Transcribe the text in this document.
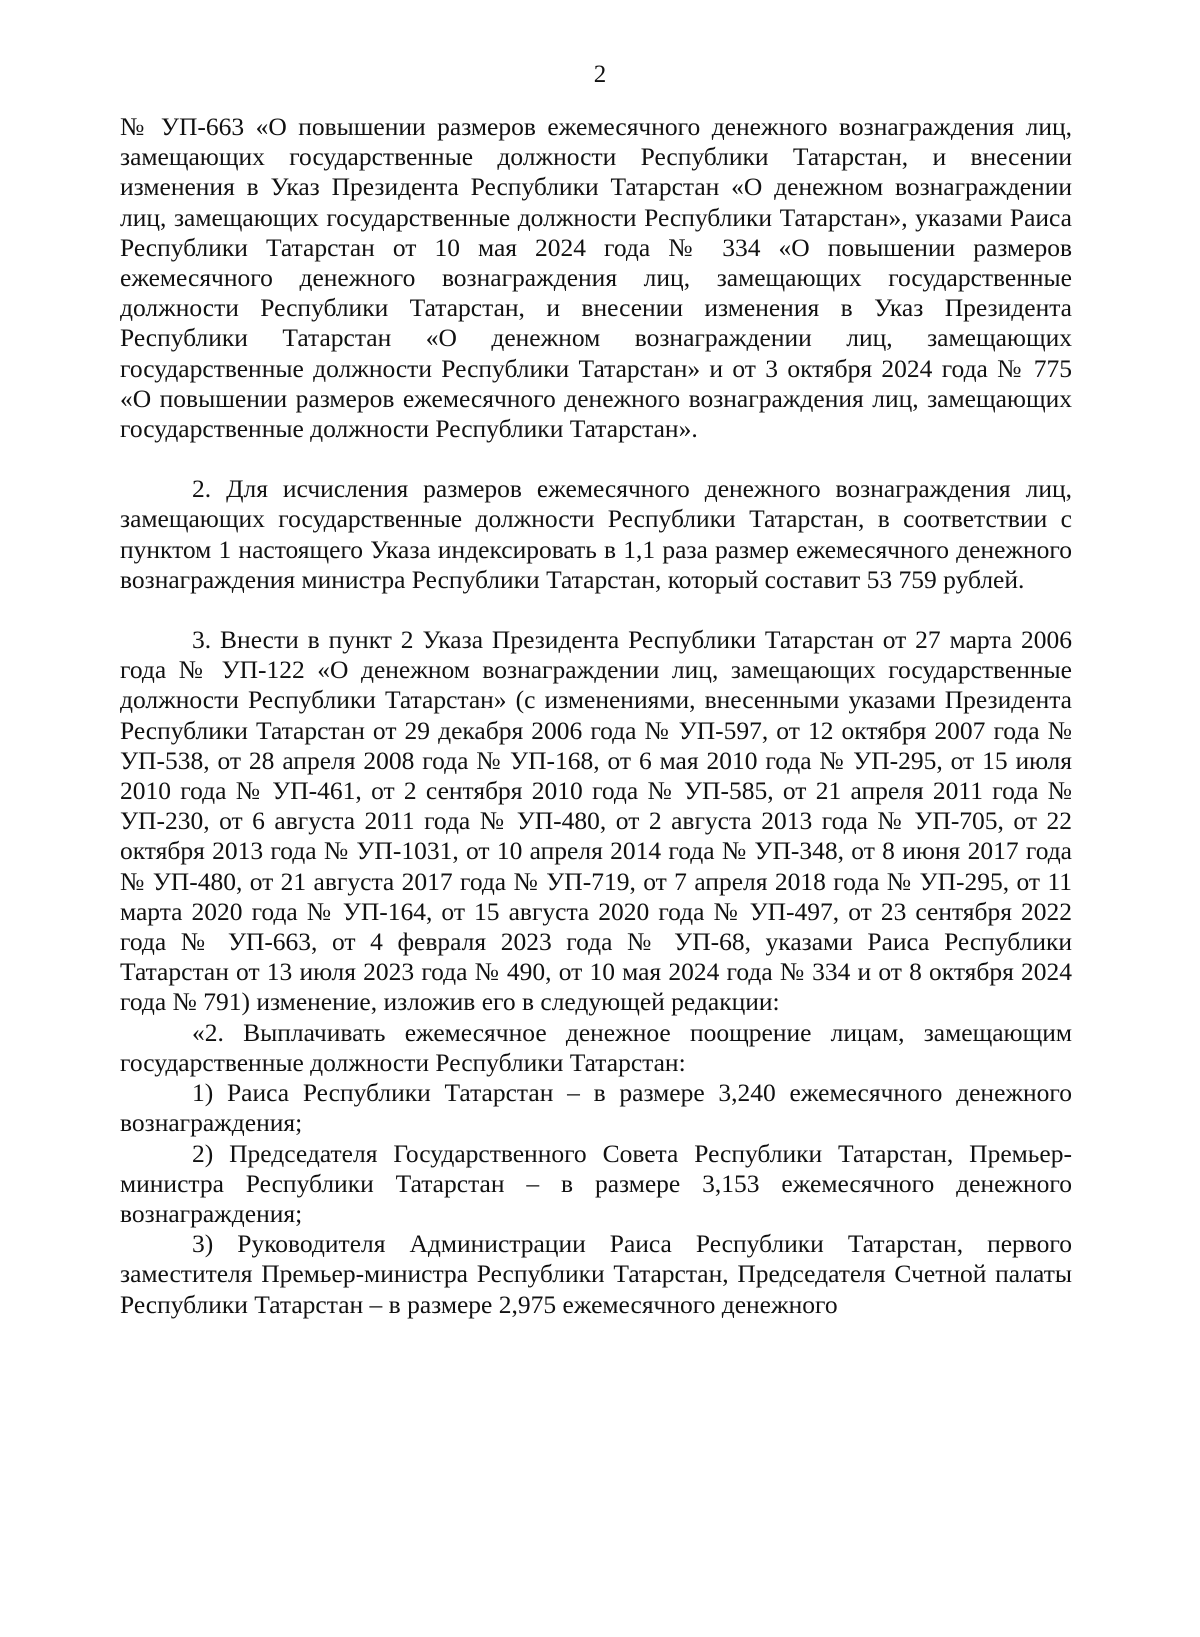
2

№ УП-663 «О повышении размеров ежемесячного денежного вознаграждения лиц, замещающих государственные должности Республики Татарстан, и внесении изменения в Указ Президента Республики Татарстан «О денежном вознаграждении лиц, замещающих государственные должности Республики Татарстан», указами Раиса Республики Татарстан от 10 мая 2024 года № 334 «О повышении размеров ежемесячного денежного вознаграждения лиц, замещающих государственные должности Республики Татарстан, и внесении изменения в Указ Президента Республики Татарстан «О денежном вознаграждении лиц, замещающих государственные должности Республики Татарстан» и от 3 октября 2024 года № 775 «О повышении размеров ежемесячного денежного вознаграждения лиц, замещающих государственные должности Республики Татарстан».

2. Для исчисления размеров ежемесячного денежного вознаграждения лиц, замещающих государственные должности Республики Татарстан, в соответствии с пунктом 1 настоящего Указа индексировать в 1,1 раза размер ежемесячного денежного вознаграждения министра Республики Татарстан, который составит 53 759 рублей.

3. Внести в пункт 2 Указа Президента Республики Татарстан от 27 марта 2006 года № УП-122 «О денежном вознаграждении лиц, замещающих государственные должности Республики Татарстан» (с изменениями, внесенными указами Президента Республики Татарстан от 29 декабря 2006 года № УП-597, от 12 октября 2007 года № УП-538, от 28 апреля 2008 года № УП-168, от 6 мая 2010 года № УП-295, от 15 июля 2010 года № УП-461, от 2 сентября 2010 года № УП-585, от 21 апреля 2011 года № УП-230, от 6 августа 2011 года № УП-480, от 2 августа 2013 года № УП-705, от 22 октября 2013 года № УП-1031, от 10 апреля 2014 года № УП-348, от 8 июня 2017 года № УП-480, от 21 августа 2017 года № УП-719, от 7 апреля 2018 года № УП-295, от 11 марта 2020 года № УП-164, от 15 августа 2020 года № УП-497, от 23 сентября 2022 года № УП-663, от 4 февраля 2023 года № УП-68, указами Раиса Республики Татарстан от 13 июля 2023 года № 490, от 10 мая 2024 года № 334 и от 8 октября 2024 года № 791) изменение, изложив его в следующей редакции:

«2. Выплачивать ежемесячное денежное поощрение лицам, замещающим государственные должности Республики Татарстан:

1) Раиса Республики Татарстан – в размере 3,240 ежемесячного денежного вознаграждения;

2) Председателя Государственного Совета Республики Татарстан, Премьер-министра Республики Татарстан – в размере 3,153 ежемесячного денежного вознаграждения;

3) Руководителя Администрации Раиса Республики Татарстан, первого заместителя Премьер-министра Республики Татарстан, Председателя Счетной палаты Республики Татарстан – в размере 2,975 ежемесячного денежного
